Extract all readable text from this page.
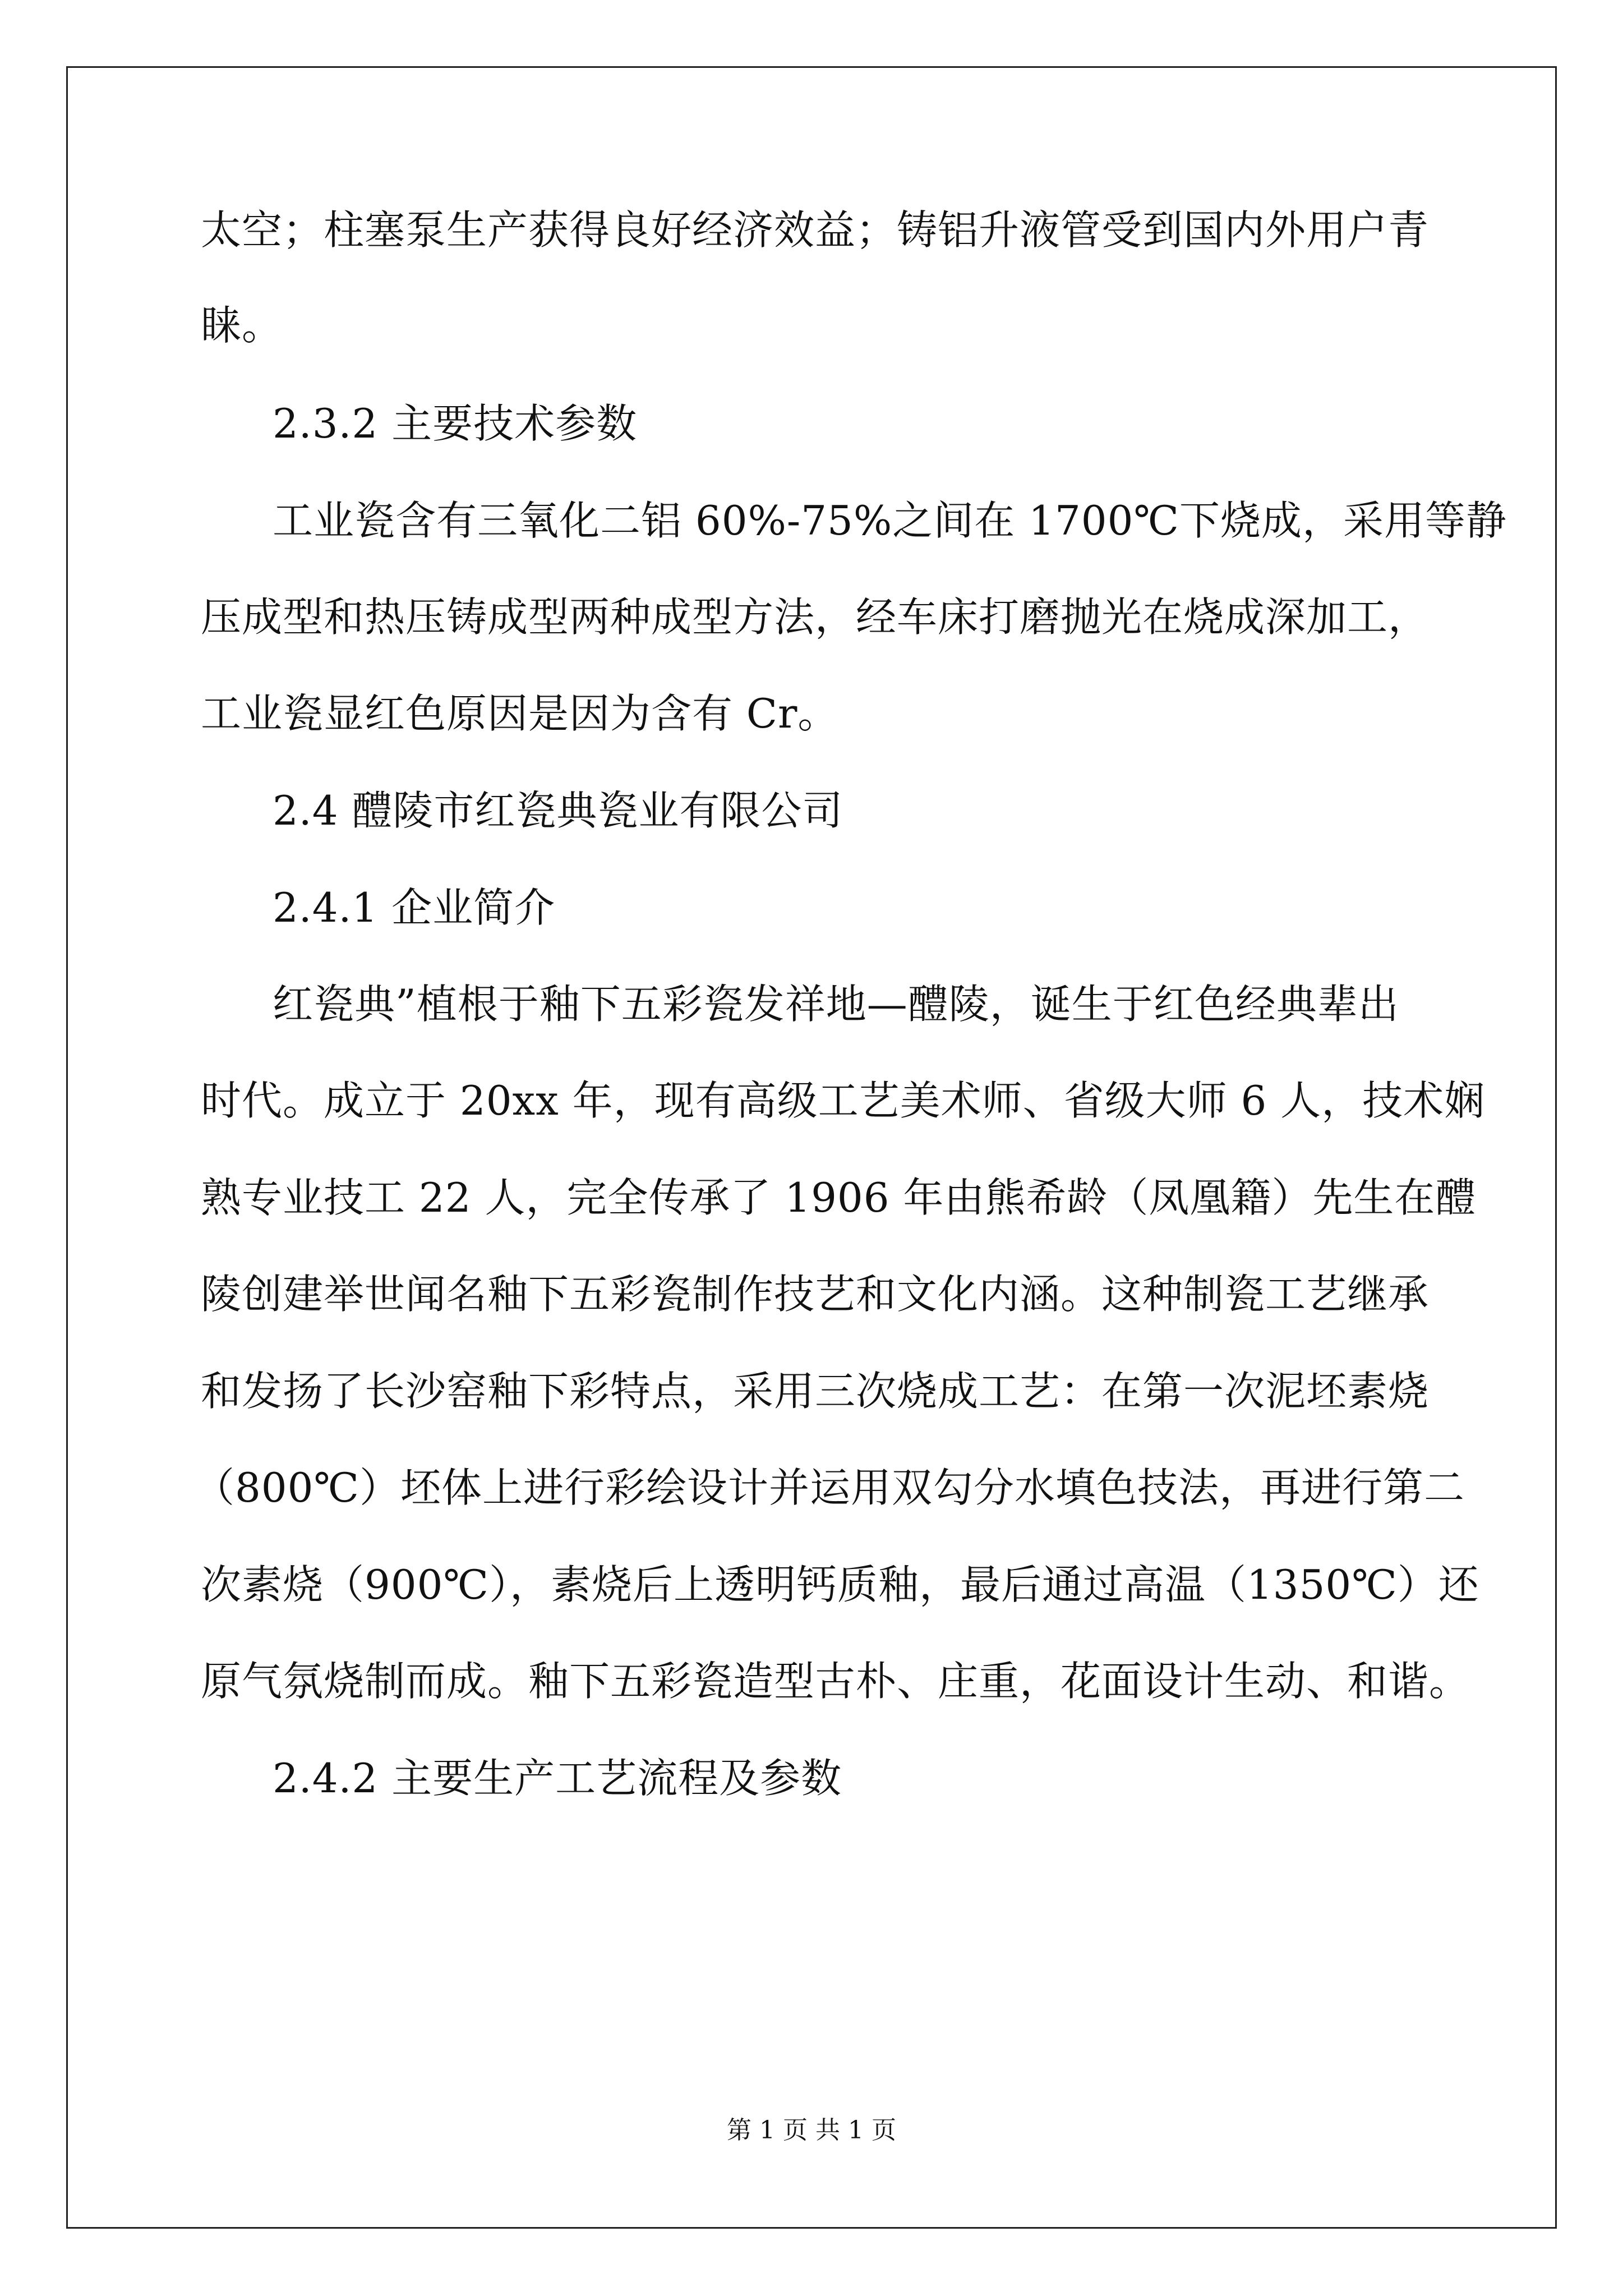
太空；柱塞泵生产获得良好经济效益；铸铝升液管受到国内外用户青
睐。
2.3.2 主要技术参数
工业瓷含有三氧化二铝 60%-75%之间在 1700℃下烧成，采用等静
压成型和热压铸成型两种成型方法，经车床打磨抛光在烧成深加工，
工业瓷显红色原因是因为含有 Cr。
2.4 醴陵市红瓷典瓷业有限公司
2.4.1 企业简介
红瓷典”植根于釉下五彩瓷发祥地—醴陵，诞生于红色经典辈出
时代。成立于 20xx 年，现有高级工艺美术师、省级大师 6 人，技术娴
熟专业技工 22 人，完全传承了 1906 年由熊希龄（凤凰籍）先生在醴
陵创建举世闻名釉下五彩瓷制作技艺和文化内涵。这种制瓷工艺继承
和发扬了长沙窑釉下彩特点，采用三次烧成工艺：在第一次泥坯素烧
（800℃）坯体上进行彩绘设计并运用双勾分水填色技法，再进行第二
次素烧（900℃），素烧后上透明钙质釉，最后通过高温（1350℃）还
原气氛烧制而成。釉下五彩瓷造型古朴、庄重，花面设计生动、和谐。
2.4.2 主要生产工艺流程及参数
第 1 页 共 1 页
